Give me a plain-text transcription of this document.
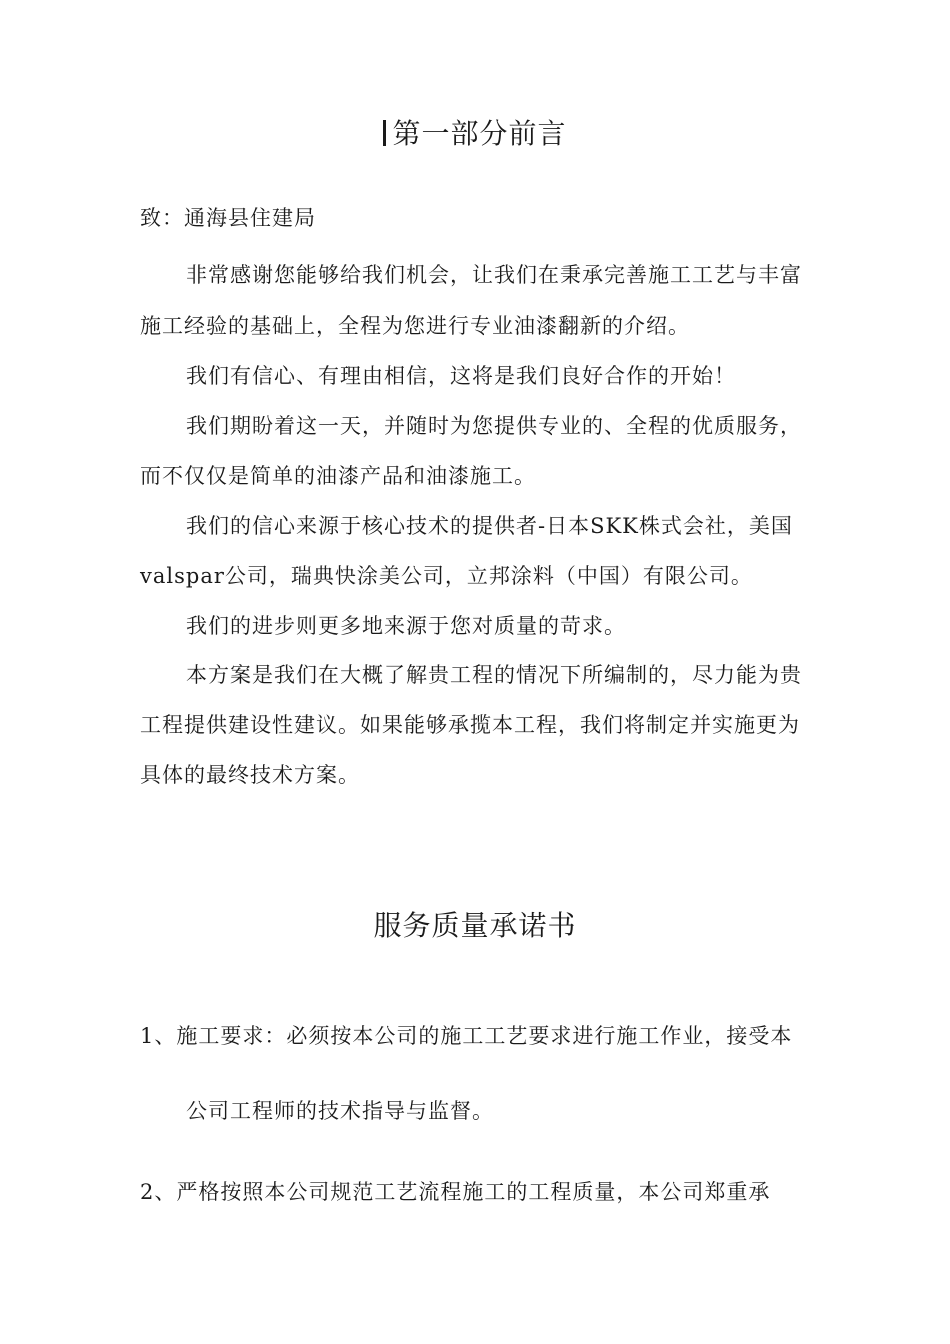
第一部分前言
致：通海县住建局
非常感谢您能够给我们机会，让我们在秉承完善施工工艺与丰富
施工经验的基础上，全程为您进行专业油漆翻新的介绍。
我们有信心、有理由相信，这将是我们良好合作的开始！
我们期盼着这一天，并随时为您提供专业的、全程的优质服务，
而不仅仅是简单的油漆产品和油漆施工。
我们的信心来源于核心技术的提供者-日本SKK株式会社，美国
valspar公司，瑞典快涂美公司，立邦涂料（中国）有限公司。
我们的进步则更多地来源于您对质量的苛求。
本方案是我们在大概了解贵工程的情况下所编制的，尽力能为贵
工程提供建设性建议。如果能够承揽本工程，我们将制定并实施更为
具体的最终技术方案。
服务质量承诺书
1、施工要求：必须按本公司的施工工艺要求进行施工作业，接受本
公司工程师的技术指导与监督。
2、严格按照本公司规范工艺流程施工的工程质量，本公司郑重承
